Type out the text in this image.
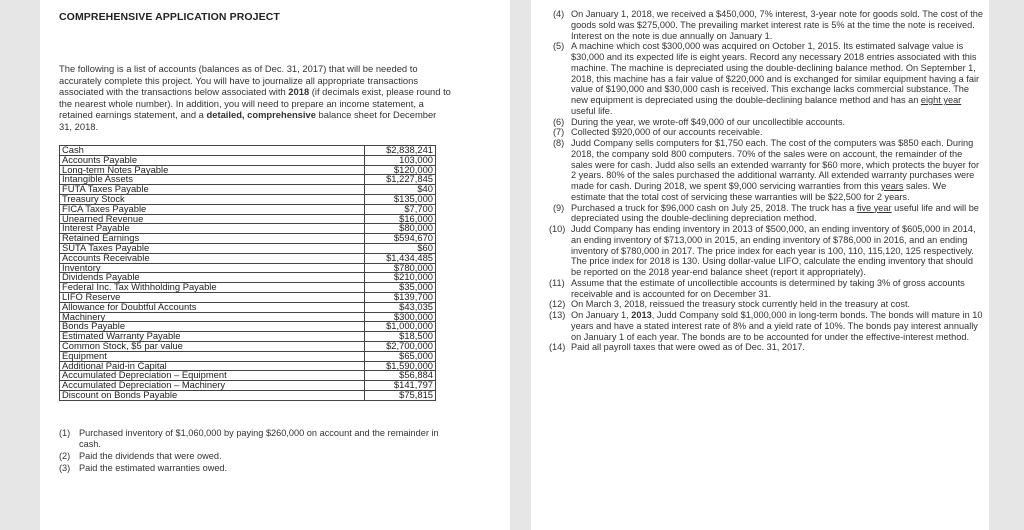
COMPREHENSIVE APPLICATION PROJECT
The following is a list of accounts (balances as of Dec. 31, 2017) that will be needed to accurately complete this project. You will have to journalize all appropriate transactions associated with the transactions below associated with 2018 (if decimals exist, please round to the nearest whole number). In addition, you will need to prepare an income statement, a retained earnings statement, and a detailed, comprehensive balance sheet for December 31, 2018.
Cash	$2,838,241
Accounts Payable	103,000
Long-term Notes Payable	$120,000
Intangible Assets	$1,227,845
FUTA Taxes Payable	$40
Treasury Stock	$135,000
FICA Taxes Payable	$7,700
Unearned Revenue	$16,000
Interest Payable	$80,000
Retained Earnings	$594,670
SUTA Taxes Payable	$60
Accounts Receivable	$1,434,485
Inventory	$780,000
Dividends Payable	$210,000
Federal Inc. Tax Withholding Payable	$35,000
LIFO Reserve	$139,700
Allowance for Doubtful Accounts	$43,035
Machinery	$300,000
Bonds Payable	$1,000,000
Estimated Warranty Payable	$18,500
Common Stock, $5 par value	$2,700,000
Equipment	$65,000
Additional Paid-in Capital	$1,590,000
Accumulated Depreciation – Equipment	$56,884
Accumulated Depreciation – Machinery	$141,797
Discount on Bonds Payable	$75,815
(1) Purchased inventory of $1,060,000 by paying $260,000 on account and the remainder in cash.
(2) Paid the dividends that were owed.
(3) Paid the estimated warranties owed.
(4) On January 1, 2018, we received a $450,000, 7% interest, 3-year note for goods sold. The cost of the goods sold was $275,000. The prevailing market interest rate is 5% at the time the note is received. Interest on the note is due annually on January 1.
(5) A machine which cost $300,000 was acquired on October 1, 2015. Its estimated salvage value is $30,000 and its expected life is eight years. Record any necessary 2018 entries associated with this machine. The machine is depreciated using the double-declining balance method. On September 1, 2018, this machine has a fair value of $220,000 and is exchanged for similar equipment having a fair value of $190,000 and $30,000 cash is received. This exchange lacks commercial substance. The new equipment is depreciated using the double-declining balance method and has an eight year useful life.
(6) During the year, we wrote-off $49,000 of our uncollectible accounts.
(7) Collected $920,000 of our accounts receivable.
(8) Judd Company sells computers for $1,750 each. The cost of the computers was $850 each. During 2018, the company sold 800 computers. 70% of the sales were on account, the remainder of the sales were for cash. Judd also sells an extended warranty for $60 more, which protects the buyer for 2 years. 80% of the sales purchased the additional warranty. All extended warranty purchases were made for cash. During 2018, we spent $9,000 servicing warranties from this years sales. We estimate that the total cost of servicing these warranties will be $22,500 for 2 years.
(9) Purchased a truck for $96,000 cash on July 25, 2018. The truck has a five year useful life and will be depreciated using the double-declining depreciation method.
(10) Judd Company has ending inventory in 2013 of $500,000, an ending inventory of $605,000 in 2014, an ending inventory of $713,000 in 2015, an ending inventory of $786,000 in 2016, and an ending inventory of $780,000 in 2017. The price index for each year is 100, 110, 115,120, 125 respectively. The price index for 2018 is 130. Using dollar-value LIFO, calculate the ending inventory that should be reported on the 2018 year-end balance sheet (report it appropriately).
(11) Assume that the estimate of uncollectible accounts is determined by taking 3% of gross accounts receivable and is accounted for on December 31.
(12) On March 3, 2018, reissued the treasury stock currently held in the treasury at cost.
(13) On January 1, 2013, Judd Company sold $1,000,000 in long-term bonds. The bonds will mature in 10 years and have a stated interest rate of 8% and a yield rate of 10%. The bonds pay interest annually on January 1 of each year. The bonds are to be accounted for under the effective-interest method.
(14) Paid all payroll taxes that were owed as of Dec. 31, 2017.
